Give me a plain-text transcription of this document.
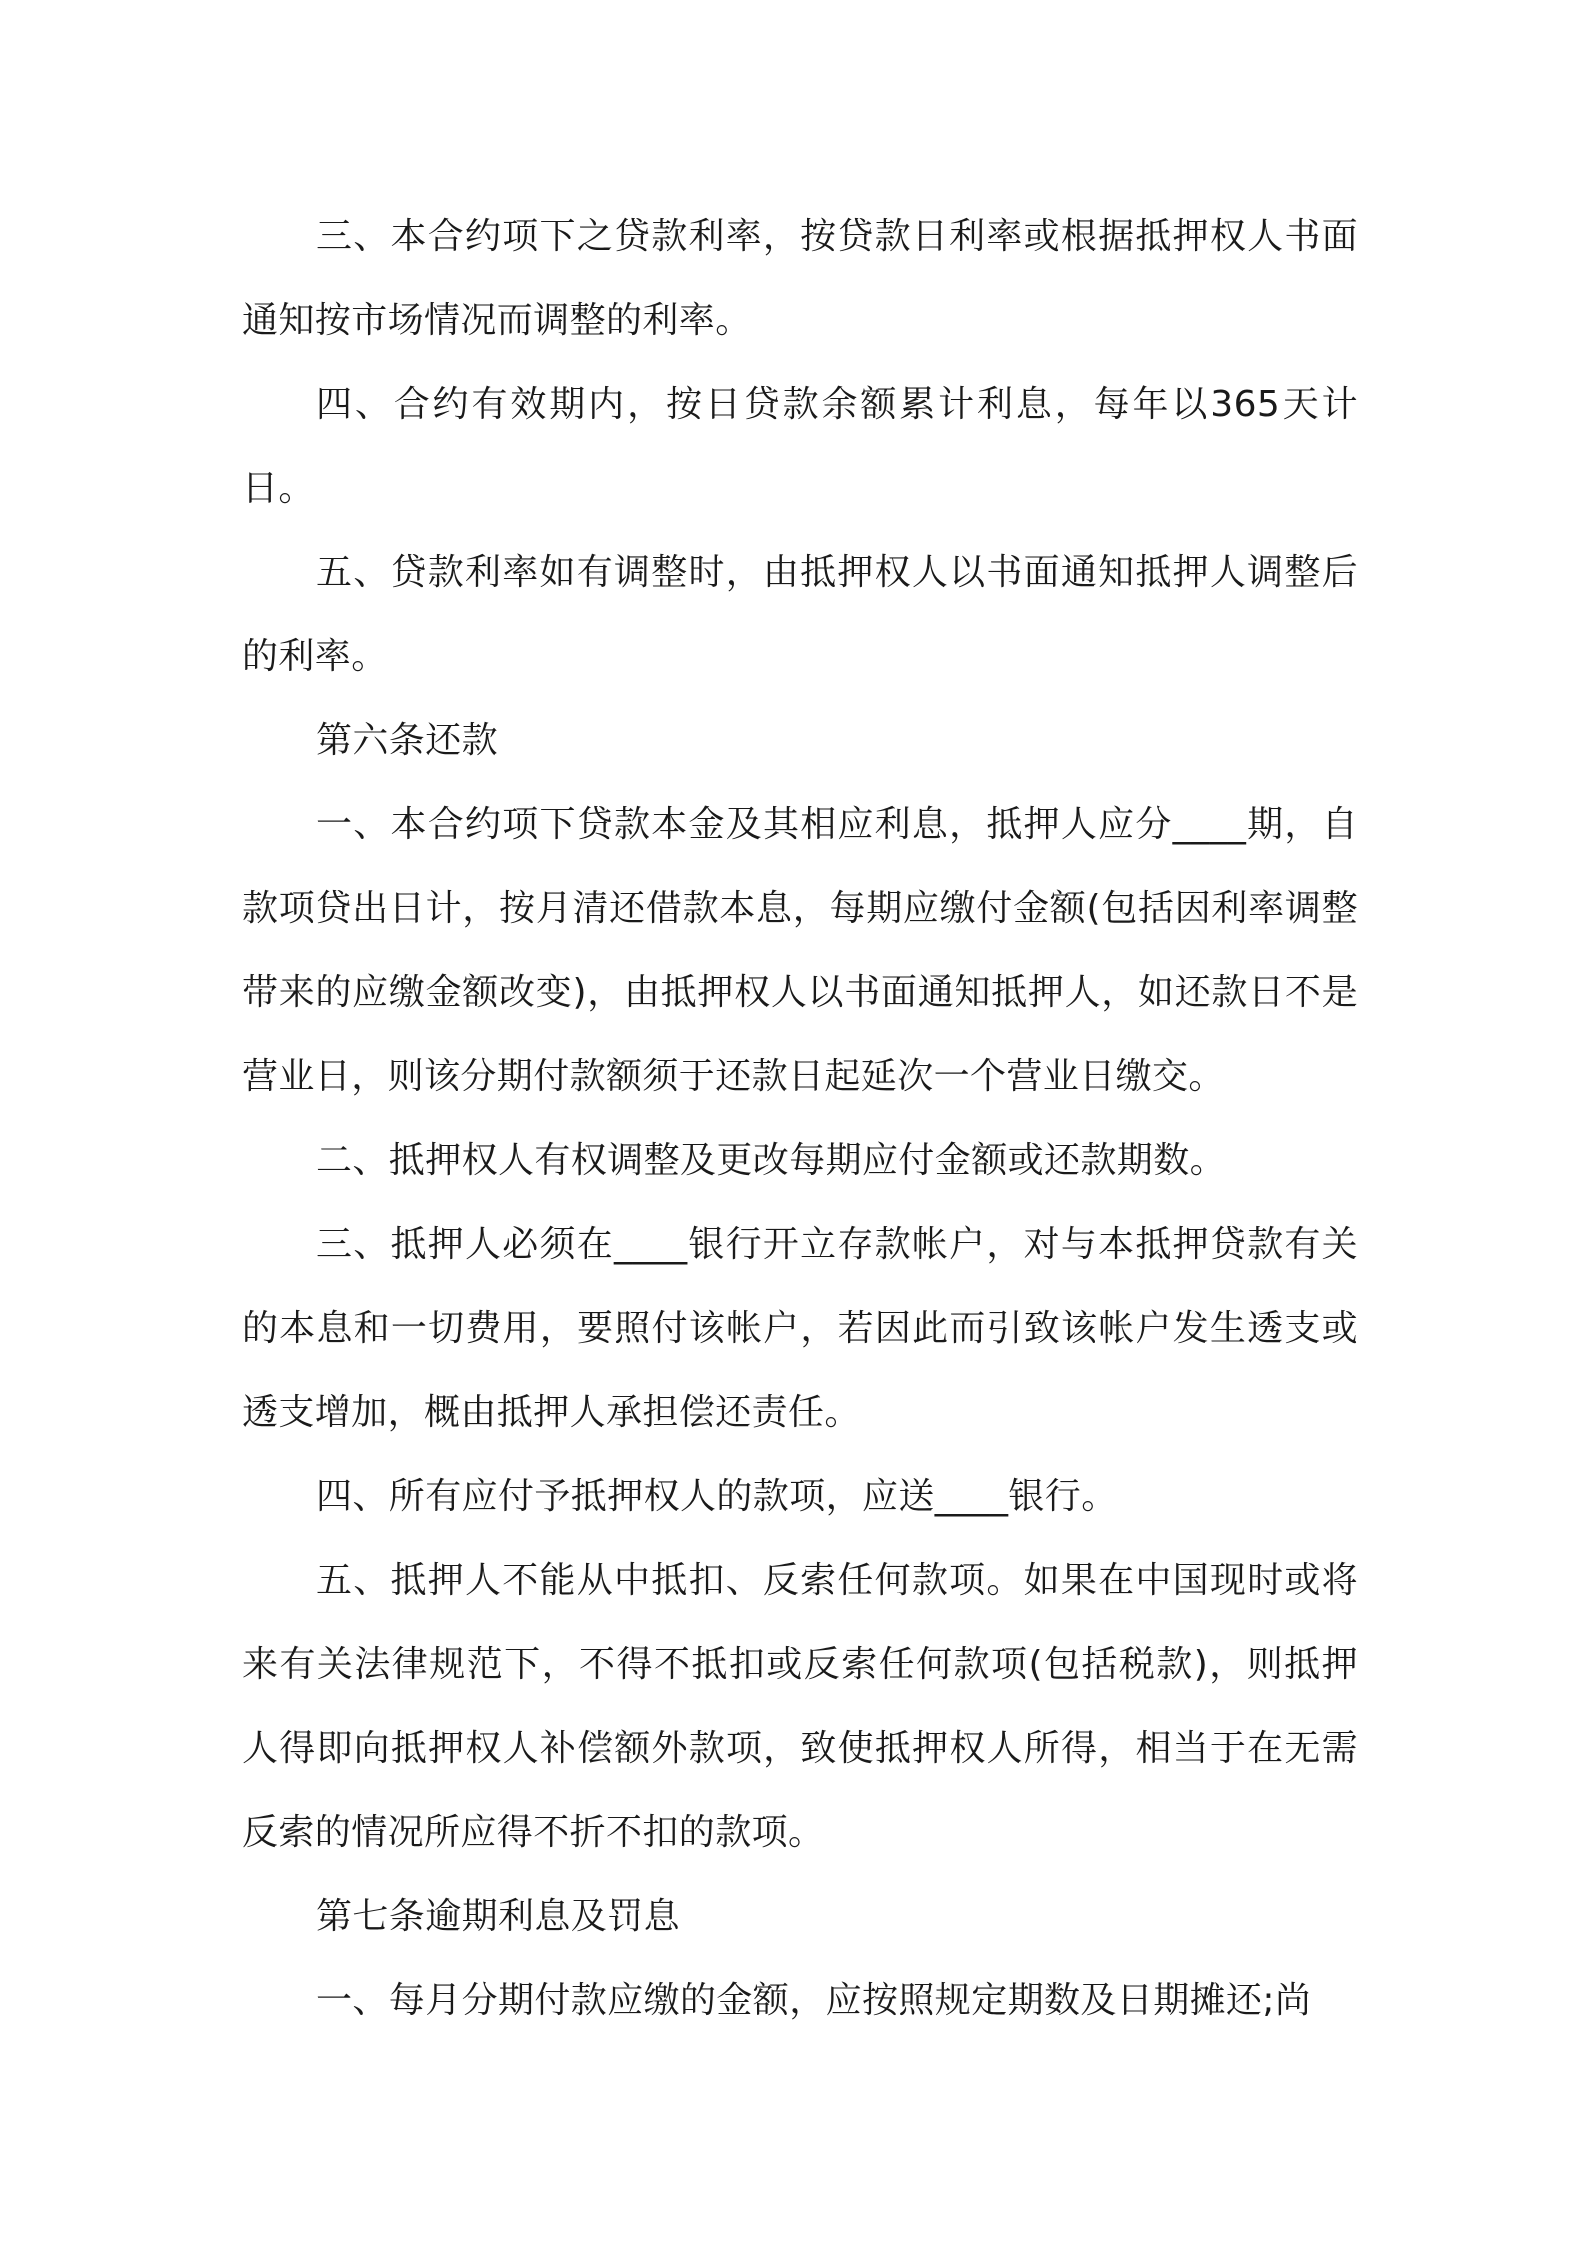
三、本合约项下之贷款利率，按贷款日利率或根据抵押权人书面通知按市场情况而调整的利率。

四、合约有效期内，按日贷款余额累计利息，每年以365天计日。

五、贷款利率如有调整时，由抵押权人以书面通知抵押人调整后的利率。

第六条还款

一、本合约项下贷款本金及其相应利息，抵押人应分____期，自款项贷出日计，按月清还借款本息，每期应缴付金额(包括因利率调整带来的应缴金额改变)，由抵押权人以书面通知抵押人，如还款日不是营业日，则该分期付款额须于还款日起延次一个营业日缴交。

二、抵押权人有权调整及更改每期应付金额或还款期数。

三、抵押人必须在____银行开立存款帐户，对与本抵押贷款有关的本息和一切费用，要照付该帐户，若因此而引致该帐户发生透支或透支增加，概由抵押人承担偿还责任。

四、所有应付予抵押权人的款项，应送____银行。

五、抵押人不能从中抵扣、反索任何款项。如果在中国现时或将来有关法律规范下，不得不抵扣或反索任何款项(包括税款)，则抵押人得即向抵押权人补偿额外款项，致使抵押权人所得，相当于在无需反索的情况所应得不折不扣的款项。

第七条逾期利息及罚息

一、每月分期付款应缴的金额，应按照规定期数及日期摊还;尚
